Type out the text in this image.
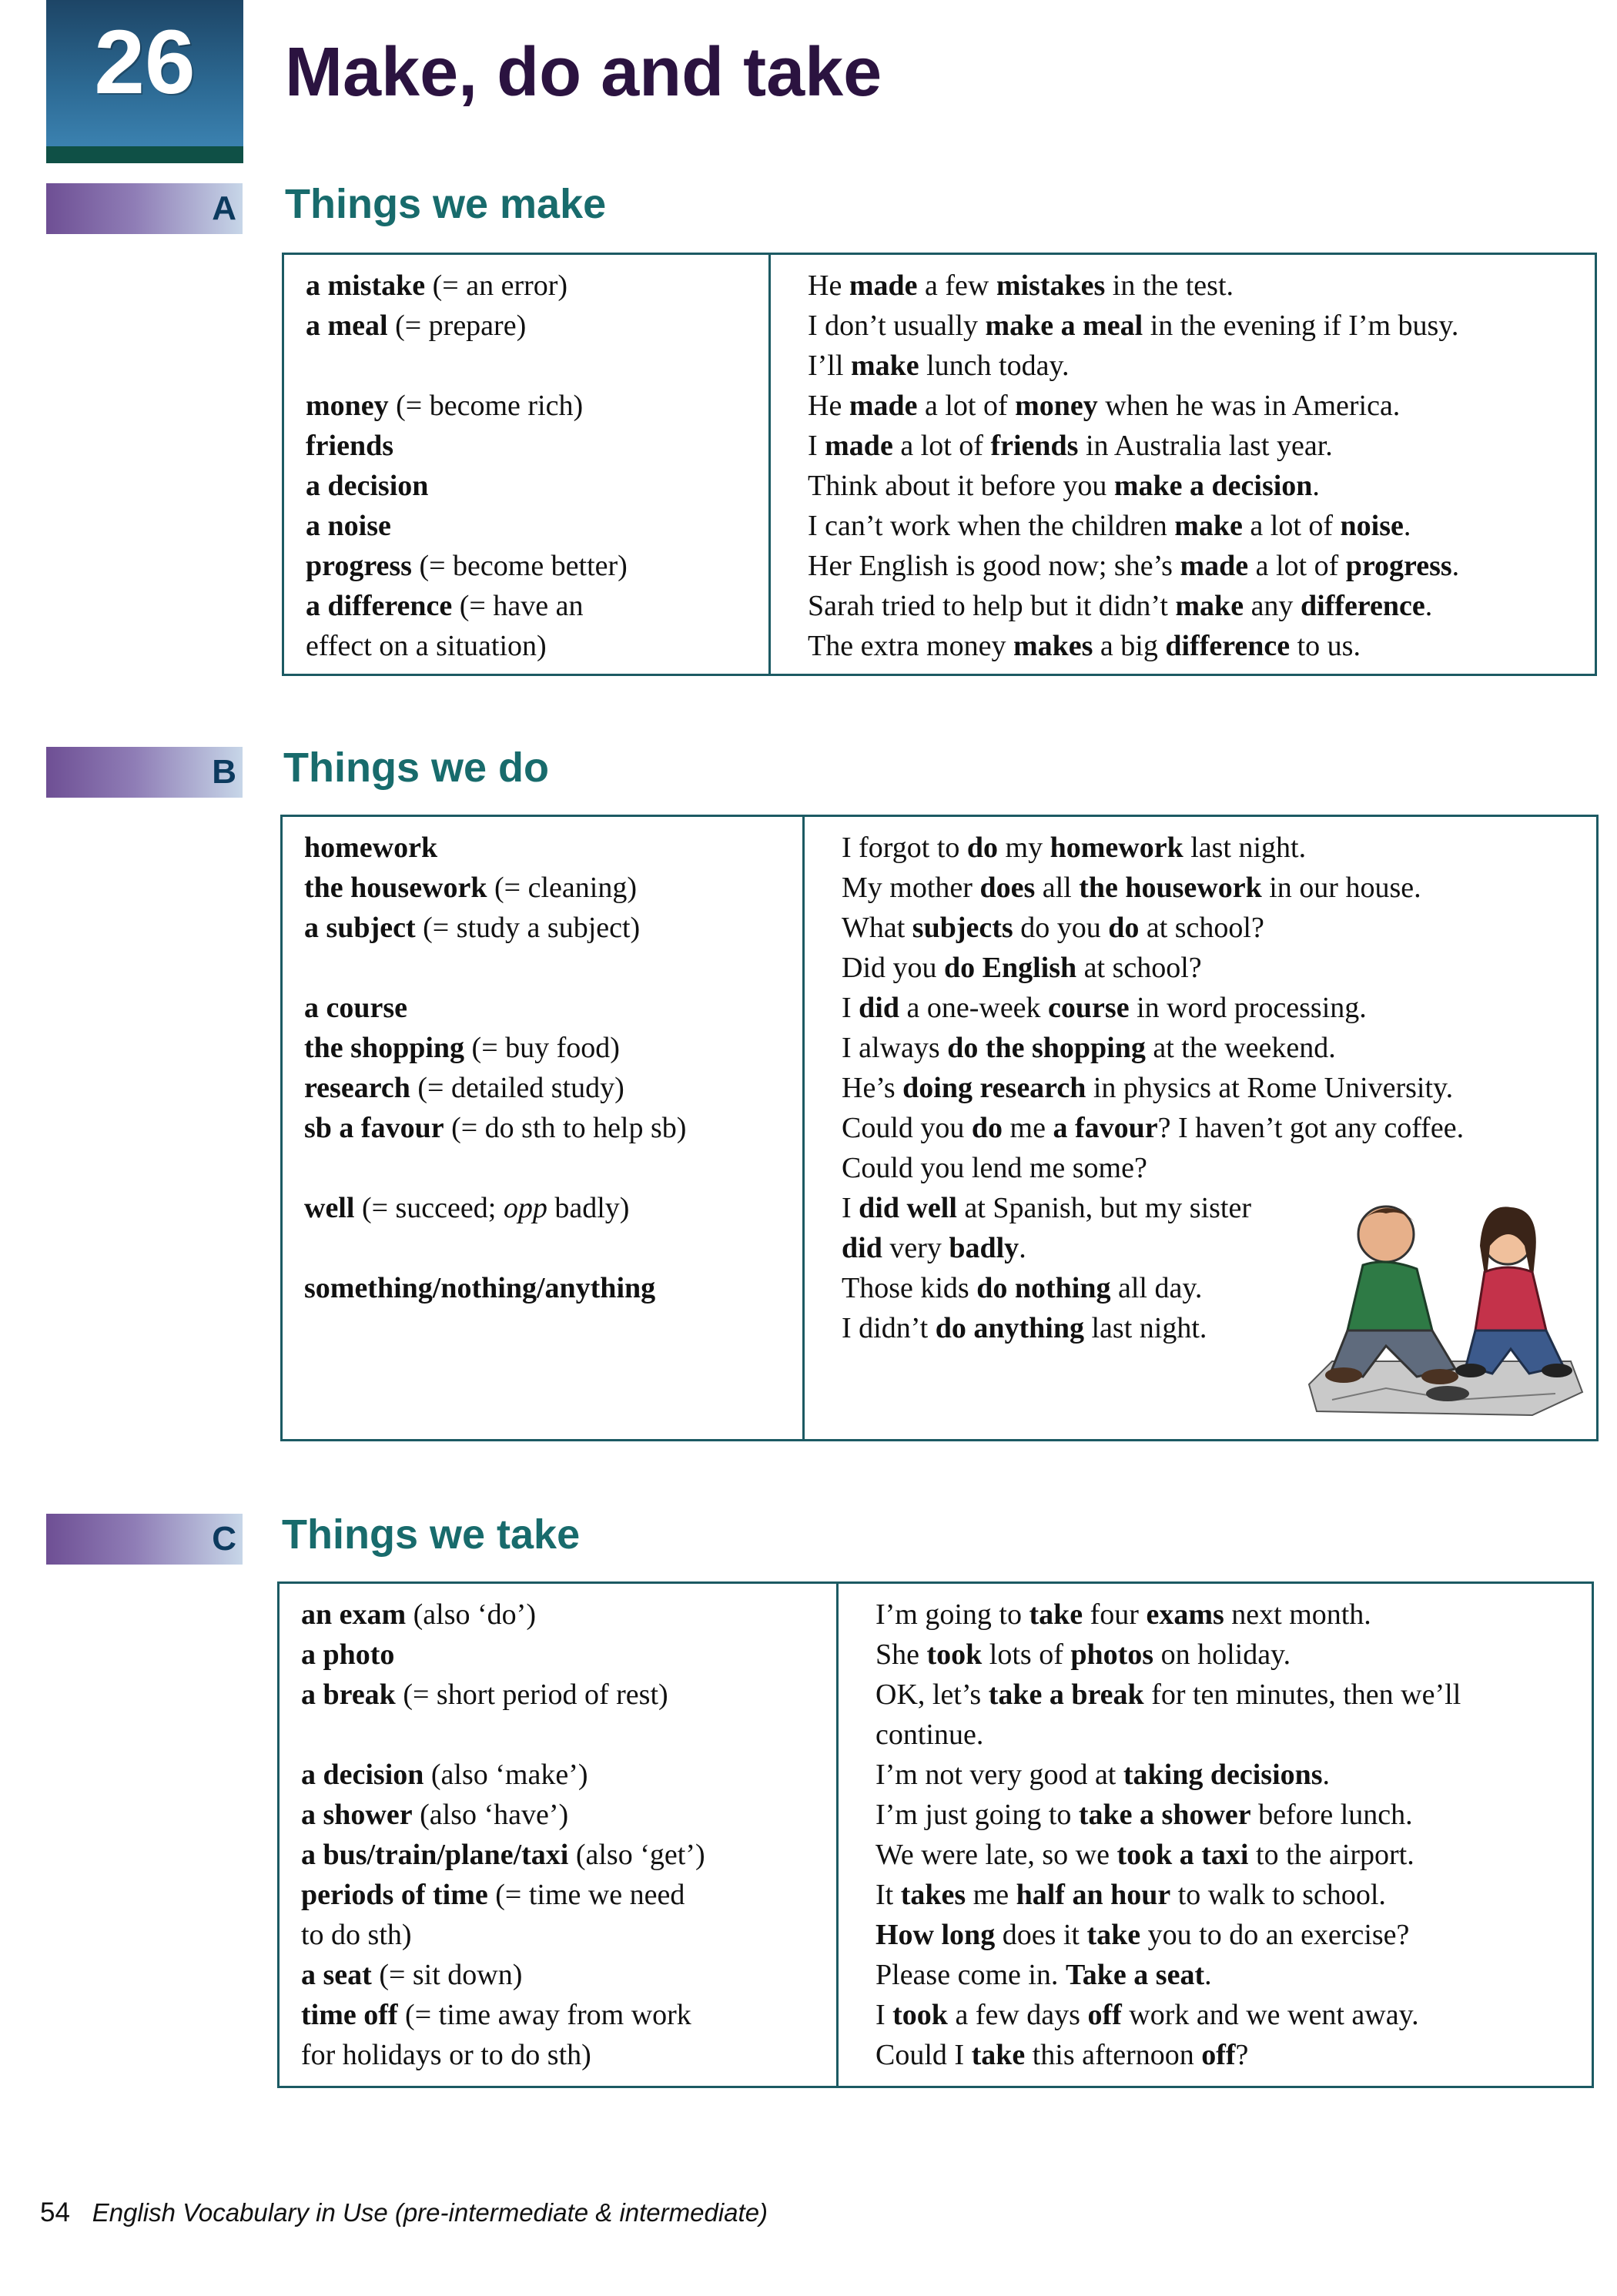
26	Make, do and take
A Things we make
a mistake (= an error)
a meal (= prepare)
money (= become rich)
friends
a decision
a noise
progress (= become better)
a difference (= have an
effect on a situation)
He made a few mistakes in the test.
I don’t usually make a meal in the evening if I’m busy.
I’ll make lunch today.
He made a lot of money when he was in America.
I made a lot of friends in Australia last year.
Think about it before you make a decision.
I can’t work when the children make a lot of noise.
Her English is good now; she’s made a lot of progress.
Sarah tried to help but it didn’t make any difference.
The extra money makes a big difference to us.
B Things we do
homework
the housework (= cleaning)
a subject (= study a subject)
a course
the shopping (= buy food)
research (= detailed study)
sb a favour (= do sth to help sb)
well (= succeed; opp badly)
something/nothing/anything
I forgot to do my homework last night.
My mother does all the housework in our house.
What subjects do you do at school?
Did you do English at school?
I did a one-week course in word processing.
I always do the shopping at the weekend.
He’s doing research in physics at Rome University.
Could you do me a favour? I haven’t got any coffee.
Could you lend me some?
I did well at Spanish, but my sister
did very badly.
Those kids do nothing all day.
I didn’t do anything last night.
C Things we take
an exam (also ‘do’)
a photo
a break (= short period of rest)
a decision (also ‘make’)
a shower (also ‘have’)
a bus/train/plane/taxi (also ‘get’)
periods of time (= time we need
to do sth)
a seat (= sit down)
time off (= time away from work
for holidays or to do sth)
I’m going to take four exams next month.
She took lots of photos on holiday.
OK, let’s take a break for ten minutes, then we’ll
continue.
I’m not very good at taking decisions.
I’m just going to take a shower before lunch.
We were late, so we took a taxi to the airport.
It takes me half an hour to walk to school.
How long does it take you to do an exercise?
Please come in. Take a seat.
I took a few days off work and we went away.
Could I take this afternoon off?
54 English Vocabulary in Use (pre-intermediate & intermediate)
